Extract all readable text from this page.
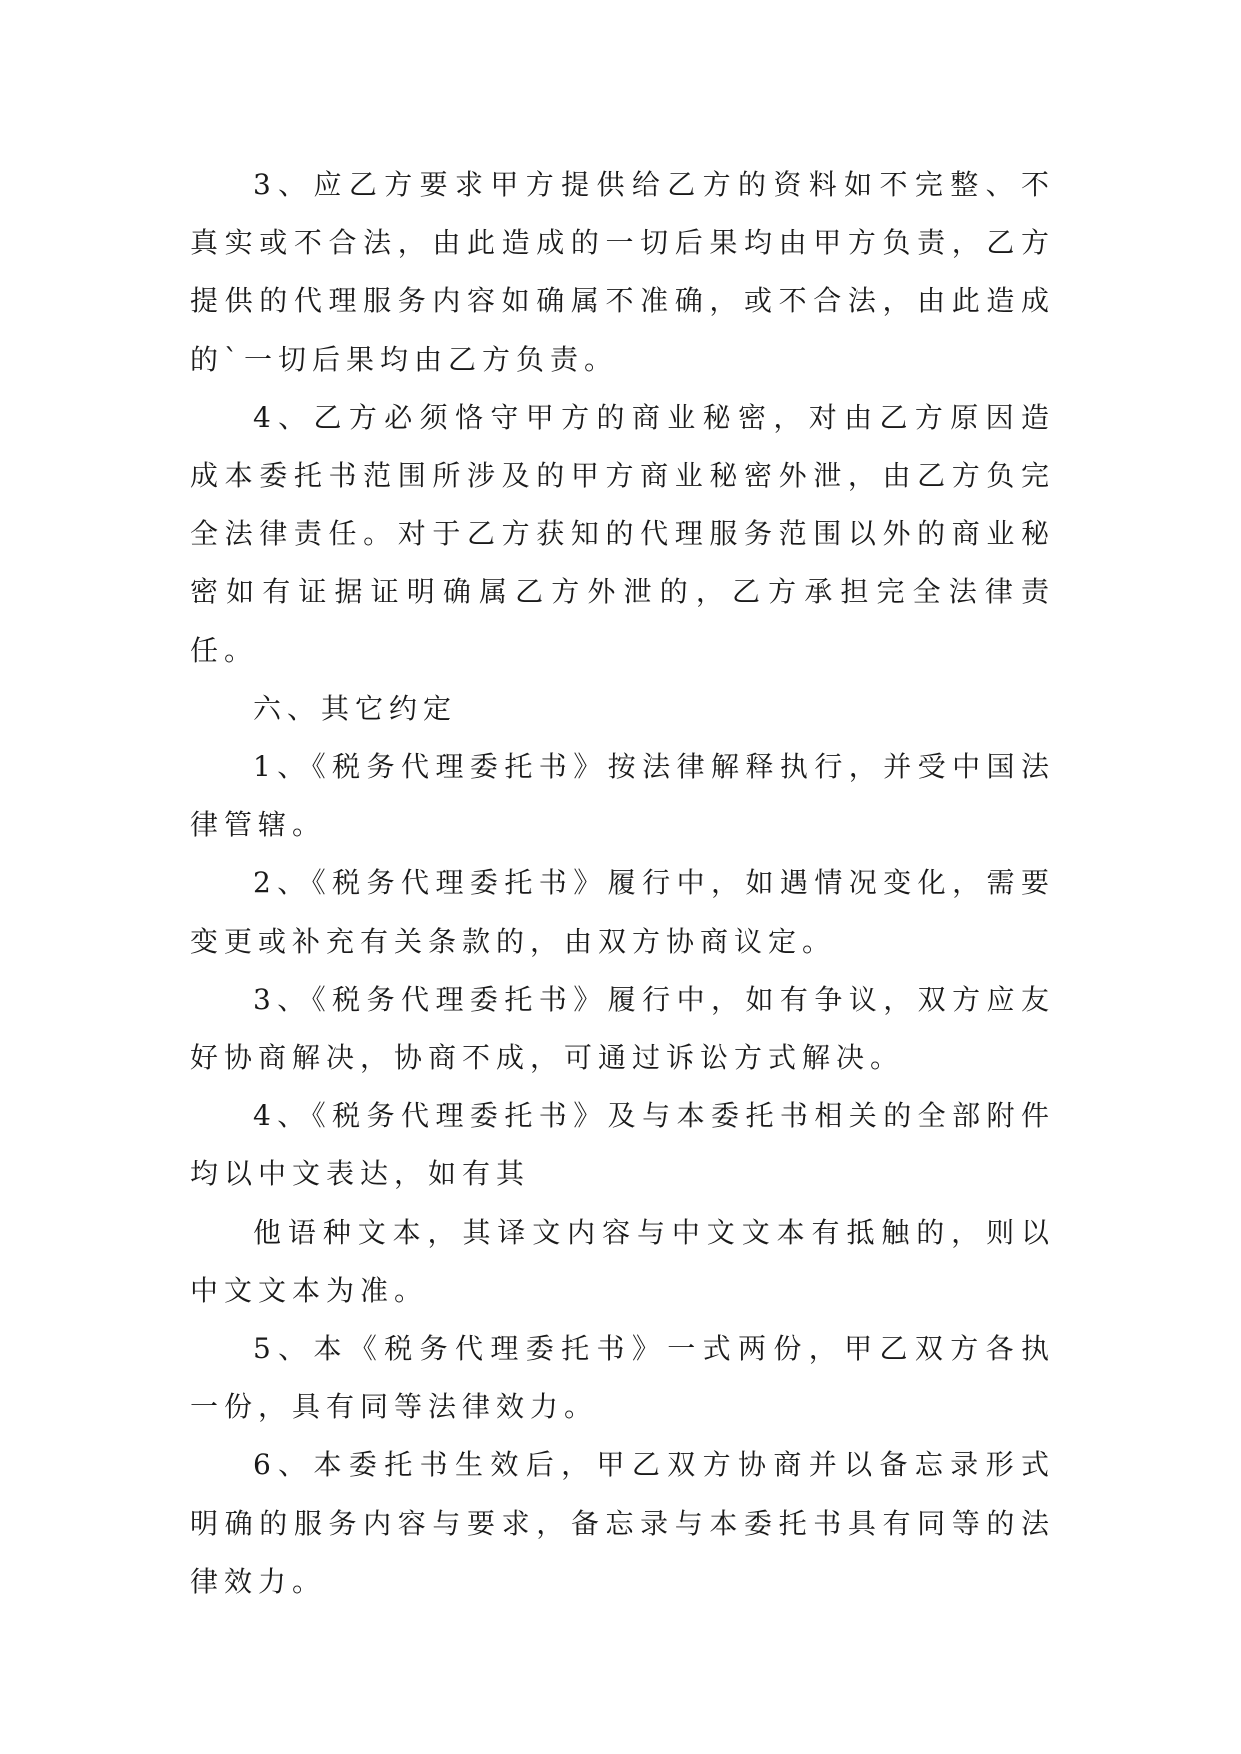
3、应乙方要求甲方提供给乙方的资料如不完整、不真实或不合法，由此造成的一切后果均由甲方负责，乙方提供的代理服务内容如确属不准确，或不合法，由此造成的`一切后果均由乙方负责。

4、乙方必须恪守甲方的商业秘密，对由乙方原因造成本委托书范围所涉及的甲方商业秘密外泄，由乙方负完全法律责任。对于乙方获知的代理服务范围以外的商业秘密如有证据证明确属乙方外泄的，乙方承担完全法律责任。

六、其它约定

1、《税务代理委托书》按法律解释执行，并受中国法律管辖。

2、《税务代理委托书》履行中，如遇情况变化，需要变更或补充有关条款的，由双方协商议定。

3、《税务代理委托书》履行中，如有争议，双方应友好协商解决，协商不成，可通过诉讼方式解决。

4、《税务代理委托书》及与本委托书相关的全部附件均以中文表达，如有其

他语种文本，其译文内容与中文文本有抵触的，则以中文文本为准。

5、本《税务代理委托书》一式两份，甲乙双方各执一份，具有同等法律效力。

6、本委托书生效后，甲乙双方协商并以备忘录形式明确的服务内容与要求，备忘录与本委托书具有同等的法律效力。
